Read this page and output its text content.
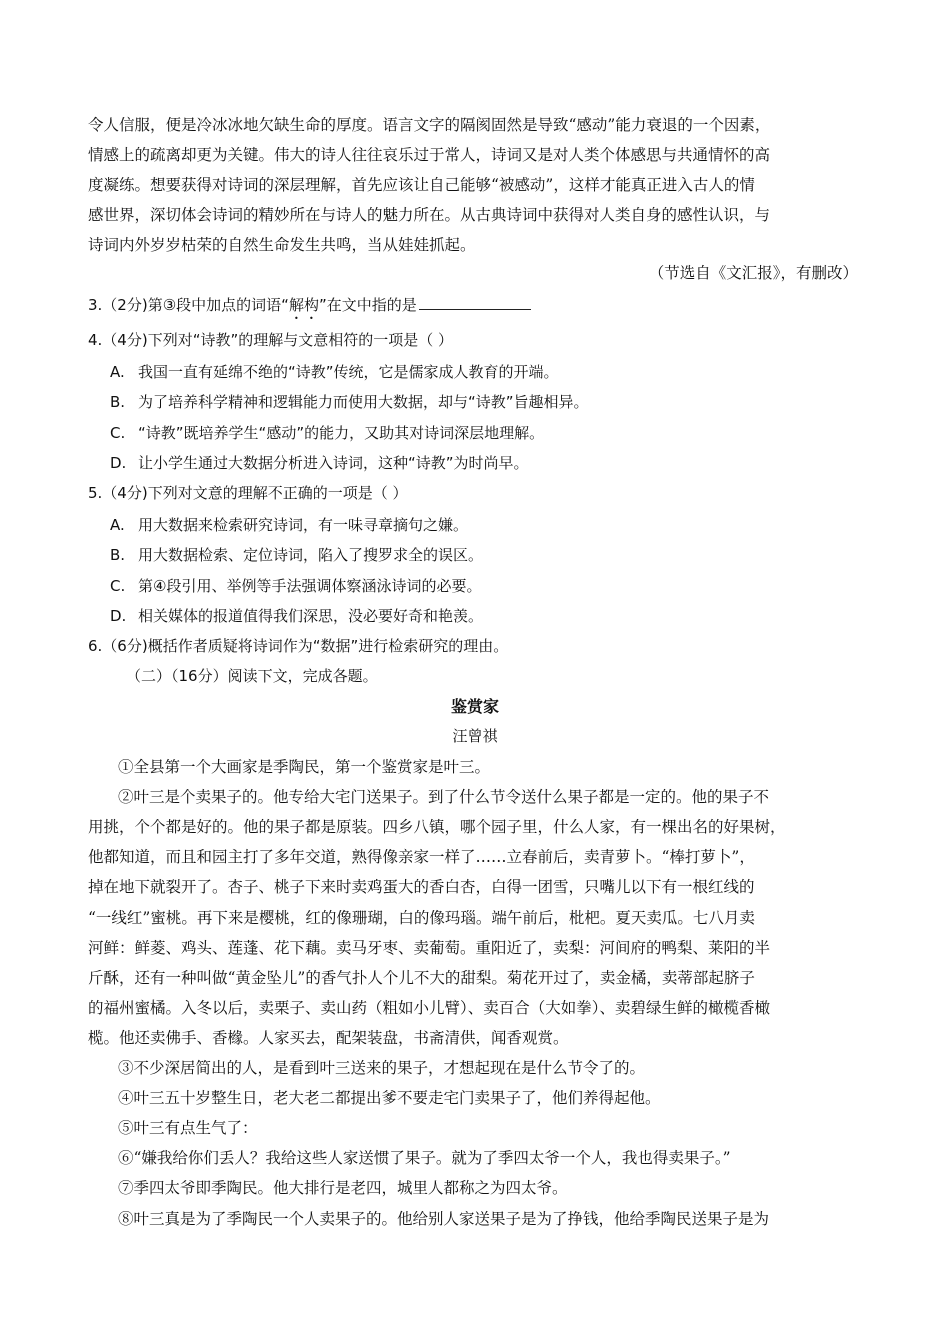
令人信服，便是冷冰冰地欠缺生命的厚度。语言文字的隔阂固然是导致“感动”能力衰退的一个因素，
情感上的疏离却更为关键。伟大的诗人往往哀乐过于常人，诗词又是对人类个体感思与共通情怀的高
度凝练。想要获得对诗词的深层理解，首先应该让自己能够“被感动”，这样才能真正进入古人的情
感世界，深切体会诗词的精妙所在与诗人的魅力所在。从古典诗词中获得对人类自身的感性认识，与
诗词内外岁岁枯荣的自然生命发生共鸣，当从娃娃抓起。
（节选自《文汇报》，有删改）
3.（2分)第③段中加点的词语“解构”在文中指的是
4.（4分)下列对“诗教”的理解与文意相符的一项是（ ）
A. 我国一直有延绵不绝的“诗教”传统，它是儒家成人教育的开端。
B. 为了培养科学精神和逻辑能力而使用大数据，却与“诗教”旨趣相异。
C. “诗教”既培养学生“感动”的能力，又助其对诗词深层地理解。
D. 让小学生通过大数据分析进入诗词，这种“诗教”为时尚早。
5.（4分)下列对文意的理解不正确的一项是（ ）
A. 用大数据来检索研究诗词，有一味寻章摘句之嫌。
B. 用大数据检索、定位诗词，陷入了搜罗求全的误区。
C. 第④段引用、举例等手法强调体察涵泳诗词的必要。
D. 相关媒体的报道值得我们深思，没必要好奇和艳羡。
6.（6分)概括作者质疑将诗词作为“数据”进行检索研究的理由。
（二）（16分）阅读下文，完成各题。
鉴赏家
汪曾祺
①全县第一个大画家是季陶民，第一个鉴赏家是叶三。
②叶三是个卖果子的。他专给大宅门送果子。到了什么节令送什么果子都是一定的。他的果子不
用挑，个个都是好的。他的果子都是原装。四乡八镇，哪个园子里，什么人家，有一棵出名的好果树，
他都知道，而且和园主打了多年交道，熟得像亲家一样了……立春前后，卖青萝卜。“棒打萝卜”，
掉在地下就裂开了。杏子、桃子下来时卖鸡蛋大的香白杏，白得一团雪，只嘴儿以下有一根红线的
“一线红”蜜桃。再下来是樱桃，红的像珊瑚，白的像玛瑙。端午前后，枇杷。夏天卖瓜。七八月卖
河鲜：鲜菱、鸡头、莲蓬、花下藕。卖马牙枣、卖葡萄。重阳近了，卖梨：河间府的鸭梨、莱阳的半
斤酥，还有一种叫做“黄金坠儿”的香气扑人个儿不大的甜梨。菊花开过了，卖金橘，卖蒂部起脐子
的福州蜜橘。入冬以后，卖栗子、卖山药（粗如小儿臂）、卖百合（大如拳）、卖碧绿生鲜的橄榄香橄
榄。他还卖佛手、香橼。人家买去，配架装盘，书斋清供，闻香观赏。
③不少深居简出的人，是看到叶三送来的果子，才想起现在是什么节令了的。
④叶三五十岁整生日，老大老二都提出爹不要走宅门卖果子了，他们养得起他。
⑤叶三有点生气了：
⑥“嫌我给你们丢人？我给这些人家送惯了果子。就为了季四太爷一个人，我也得卖果子。”
⑦季四太爷即季陶民。他大排行是老四，城里人都称之为四太爷。
⑧叶三真是为了季陶民一个人卖果子的。他给别人家送果子是为了挣钱，他给季陶民送果子是为
